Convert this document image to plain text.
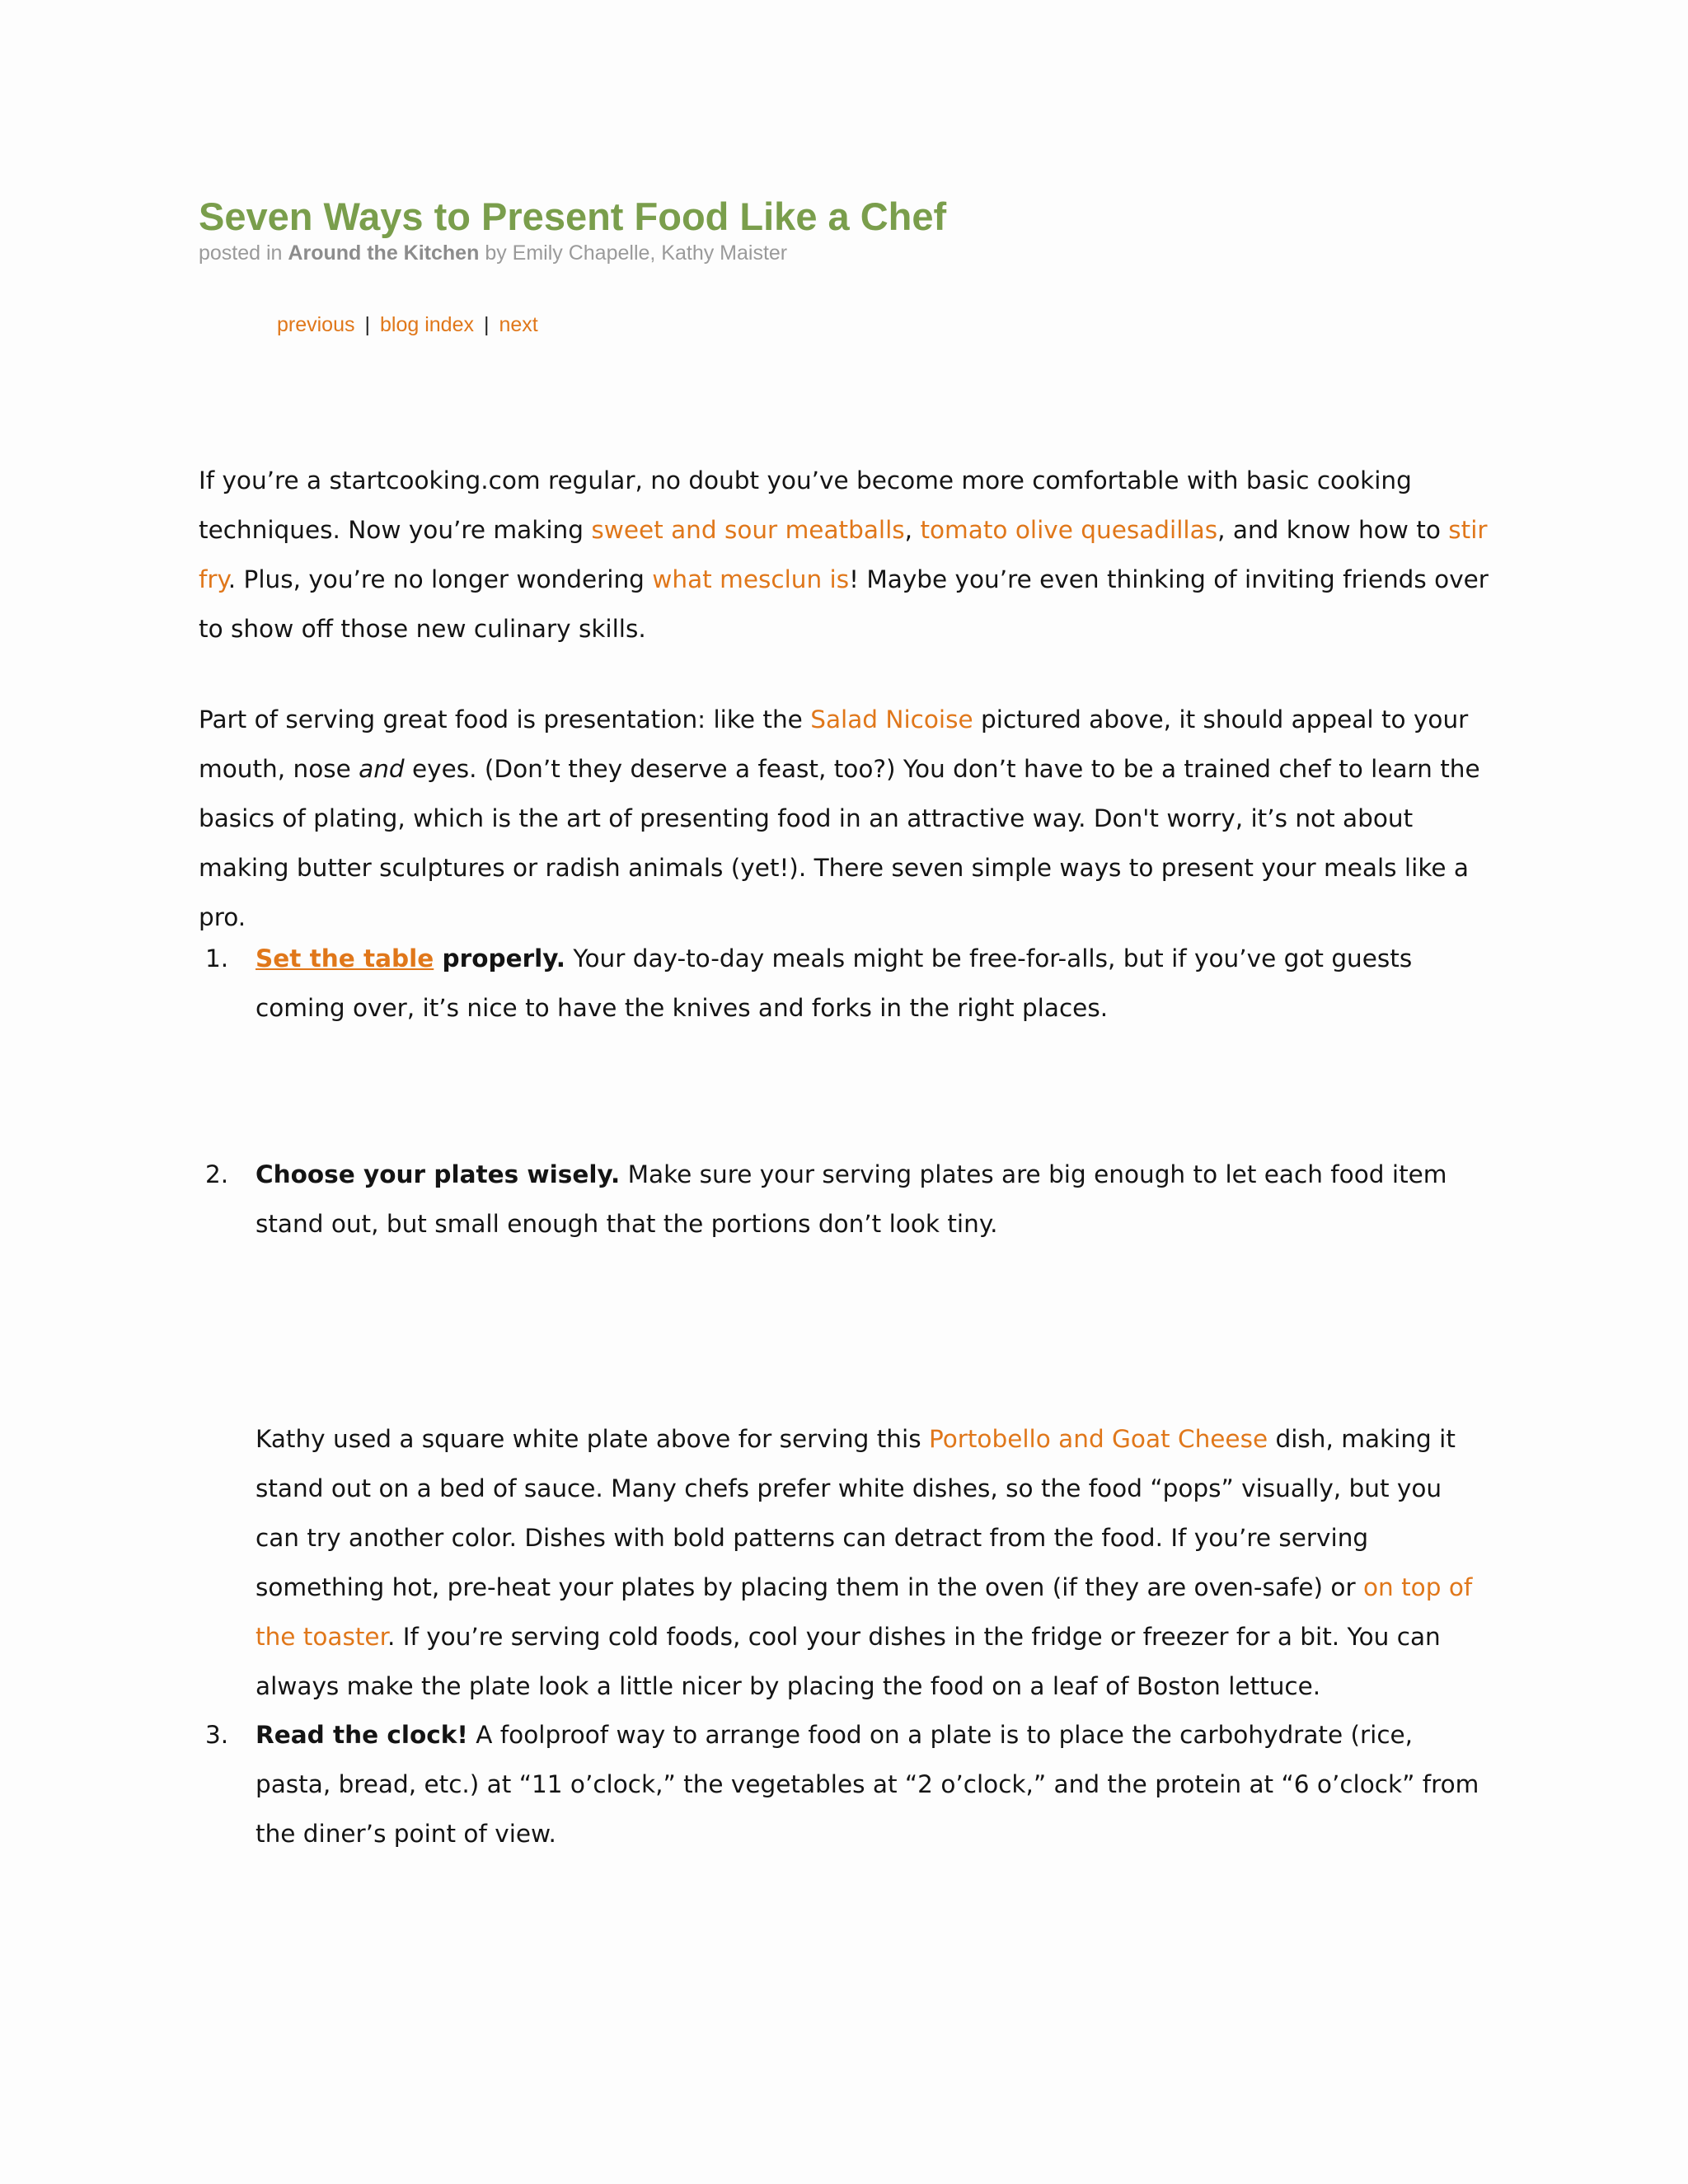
Seven Ways to Present Food Like a Chef
posted in Around the Kitchen by Emily Chapelle, Kathy Maister
previous | blog index | next

If you’re a startcooking.com regular, no doubt you’ve become more comfortable with basic cooking techniques. Now you’re making sweet and sour meatballs, tomato olive quesadillas, and know how to stir fry. Plus, you’re no longer wondering what mesclun is! Maybe you’re even thinking of inviting friends over to show off those new culinary skills.

Part of serving great food is presentation: like the Salad Nicoise pictured above, it should appeal to your mouth, nose and eyes. (Don’t they deserve a feast, too?) You don’t have to be a trained chef to learn the basics of plating, which is the art of presenting food in an attractive way. Don't worry, it’s not about making butter sculptures or radish animals (yet!). There seven simple ways to present your meals like a pro.

1.	Set the table properly. Your day-to-day meals might be free-for-alls, but if you’ve got guests coming over, it’s nice to have the knives and forks in the right places.
2.	Choose your plates wisely. Make sure your serving plates are big enough to let each food item stand out, but small enough that the portions don’t look tiny.
Kathy used a square white plate above for serving this Portobello and Goat Cheese dish, making it stand out on a bed of sauce. Many chefs prefer white dishes, so the food “pops” visually, but you can try another color. Dishes with bold patterns can detract from the food. If you’re serving something hot, pre-heat your plates by placing them in the oven (if they are oven-safe) or on top of the toaster. If you’re serving cold foods, cool your dishes in the fridge or freezer for a bit. You can always make the plate look a little nicer by placing the food on a leaf of Boston lettuce.
3.	Read the clock! A foolproof way to arrange food on a plate is to place the carbohydrate (rice, pasta, bread, etc.) at “11 o’clock,” the vegetables at “2 o’clock,” and the protein at “6 o’clock” from the diner’s point of view.
